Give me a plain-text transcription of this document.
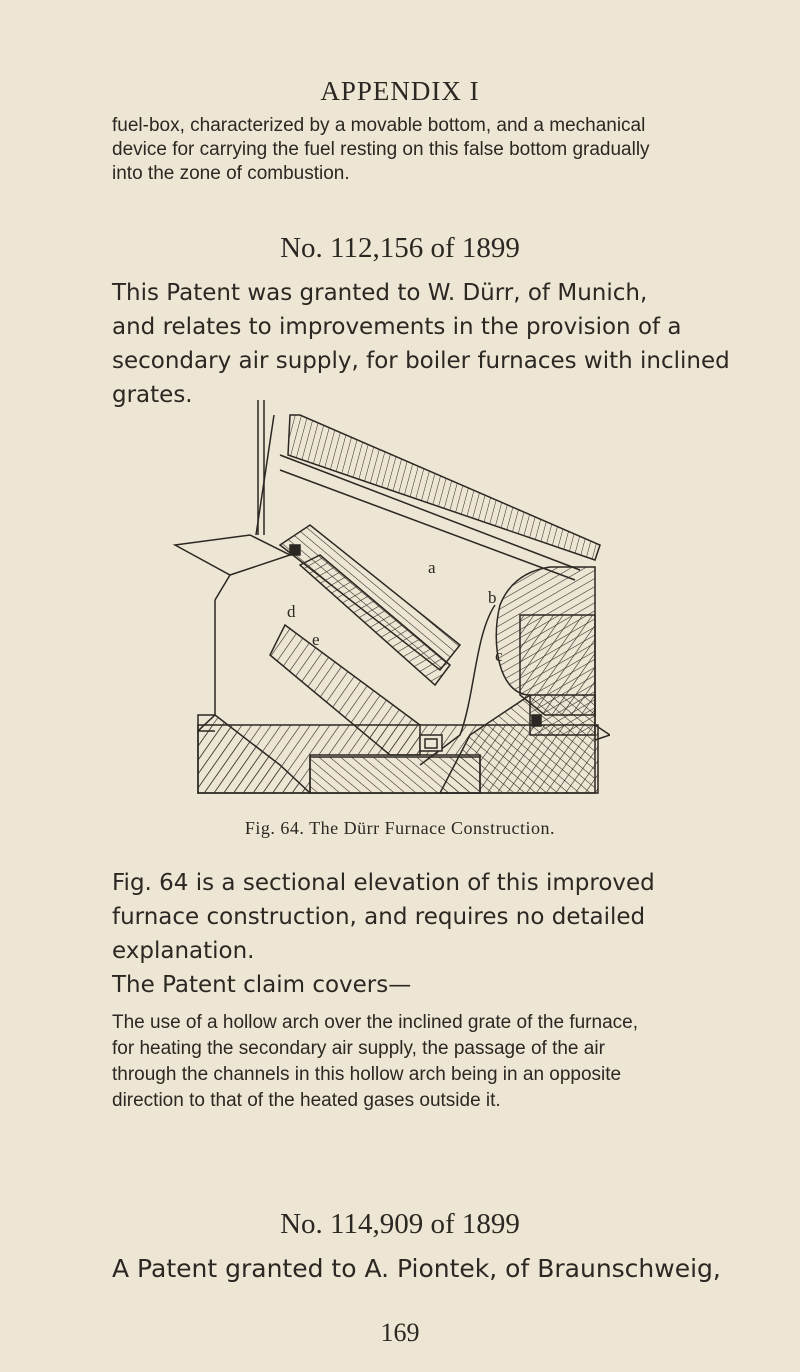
APPENDIX I
fuel-box, characterized by a movable bottom, and a mechanical
device for carrying the fuel resting on this false bottom gradually
into the zone of combustion.
No. 112,156 of 1899
This Patent was granted to W. Dürr, of Munich,
and relates to improvements in the provision of a
secondary air supply, for boiler furnaces with inclined
grates.
a
b
c
d
e
Fig. 64. The Dürr Furnace Construction.
Fig. 64 is a sectional elevation of this improved
furnace construction, and requires no detailed
explanation.
The Patent claim covers—
The use of a hollow arch over the inclined grate of the furnace,
for heating the secondary air supply, the passage of the air
through the channels in this hollow arch being in an opposite
direction to that of the heated gases outside it.
No. 114,909 of 1899
A Patent granted to A. Piontek, of Braunschweig,
169
